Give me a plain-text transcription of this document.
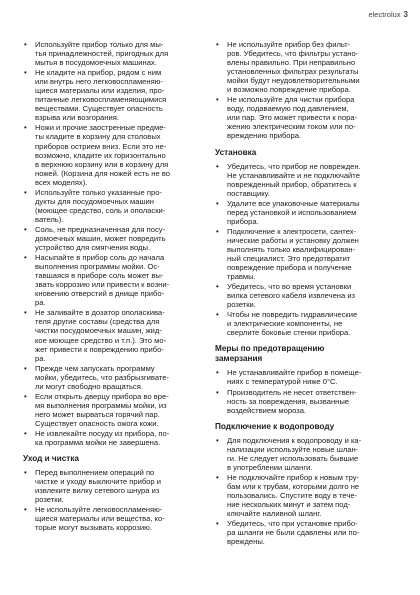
electrolux 3
• Используйте прибор только для мы-
тья принадлежностей, пригодных для
мытья в посудомоечных машинах.
• Не кладите на прибор, рядом с ним
или внутрь него легковоспламеняю-
щиеся материалы или изделия, про-
питанные легковоспламеняющимися
веществами. Существует опасность
взрыва или возгорания.
• Ножи и прочие заостренные предме-
ты кладите в корзину для столовых
приборов острием вниз. Если это не-
возможно, кладите их горизонтально
в верхнюю корзину или в корзину для
ножей. (Корзина для ножей есть не во
всех моделях).
• Используйте только указанные про-
дукты для посудомоечных машин
(моющее средство, соль и ополаски-
ватель).
• Соль, не предназначенная для посу-
домоечных машин, может повредить
устройство для смягчения воды.
• Насыпайте в прибор соль до начала
выполнения программы мойки. Ос-
тавшаяся в приборе соль может вы-
звать коррозию или привести к возни-
кновению отверстий в днище прибо-
ра.
• Не заливайте в дозатор ополаскива-
теля другие составы (средства для
чистки посудомоечных машин, жид-
кое моющее средство и т.п.). Это мо-
жет привести к повреждению прибо-
ра.
• Прежде чем запускать программу
мойки, убедитесь, что разбрызгивате-
ли могут свободно вращаться.
• Если открыть дверцу прибора во вре-
мя выполнения программы мойки, из
него может вырваться горячий пар.
Существует опасность ожога кожи.
• Не извлекайте посуду из прибора, по-
ка программа мойки не завершена.
Уход и чистка
• Перед выполнением операций по
чистке и уходу выключите прибор и
извлеките вилку сетевого шнура из
розетки.
• Не используйте легковоспламеняю-
щиеся материалы или вещества, ко-
торые могут вызывать коррозию.
• Не используйте прибор без фильт-
ров. Убедитесь, что фильтры устано-
влены правильно. При неправильно
установленных фильтрах результаты
мойки будут неудовлетворительными
и возможно повреждение прибора.
• Не используйте для чистки прибора
воду, подаваемую под давлением,
или пар. Это может привести к пора-
жению электрическим током или по-
вреждению прибора.
Установка
• Убедитесь, что прибор не поврежден.
Не устанавливайте и не подключайте
поврежденный прибор, обратитесь к
поставщику.
• Удалите все упаковочные материалы
перед установкой и использованием
прибора.
• Подключение к электросети, сантех-
нические работы и установку должен
выполнять только квалифицирован-
ный специалист. Это предотвратит
повреждение прибора и получение
травмы.
• Убедитесь, что во время установки
вилка сетевого кабеля извлечена из
розетки.
• Чтобы не повредить гидравлические
и электрические компоненты, не
сверлите боковые стенки прибора.
Меры по предотвращению
замерзания
• Не устанавливайте прибор в помеще-
ниях с температурой ниже 0°C.
• Производитель не несет ответствен-
ность за повреждения, вызванные
воздействием мороза.
Подключение к водопроводу
• Для подключения к водопроводу и ка-
нализации используйте новые шлан-
ги. Не следует использовать бывшие
в употреблении шланги.
• Не подключайте прибор к новым тру-
бам или к трубам, которыми долго не
пользовались. Спустите воду в тече-
ние нескольких минут и затем под-
ключайте наливной шланг.
• Убедитесь, что при установке прибо-
ра шланги не были сдавлены или по-
вреждены.
